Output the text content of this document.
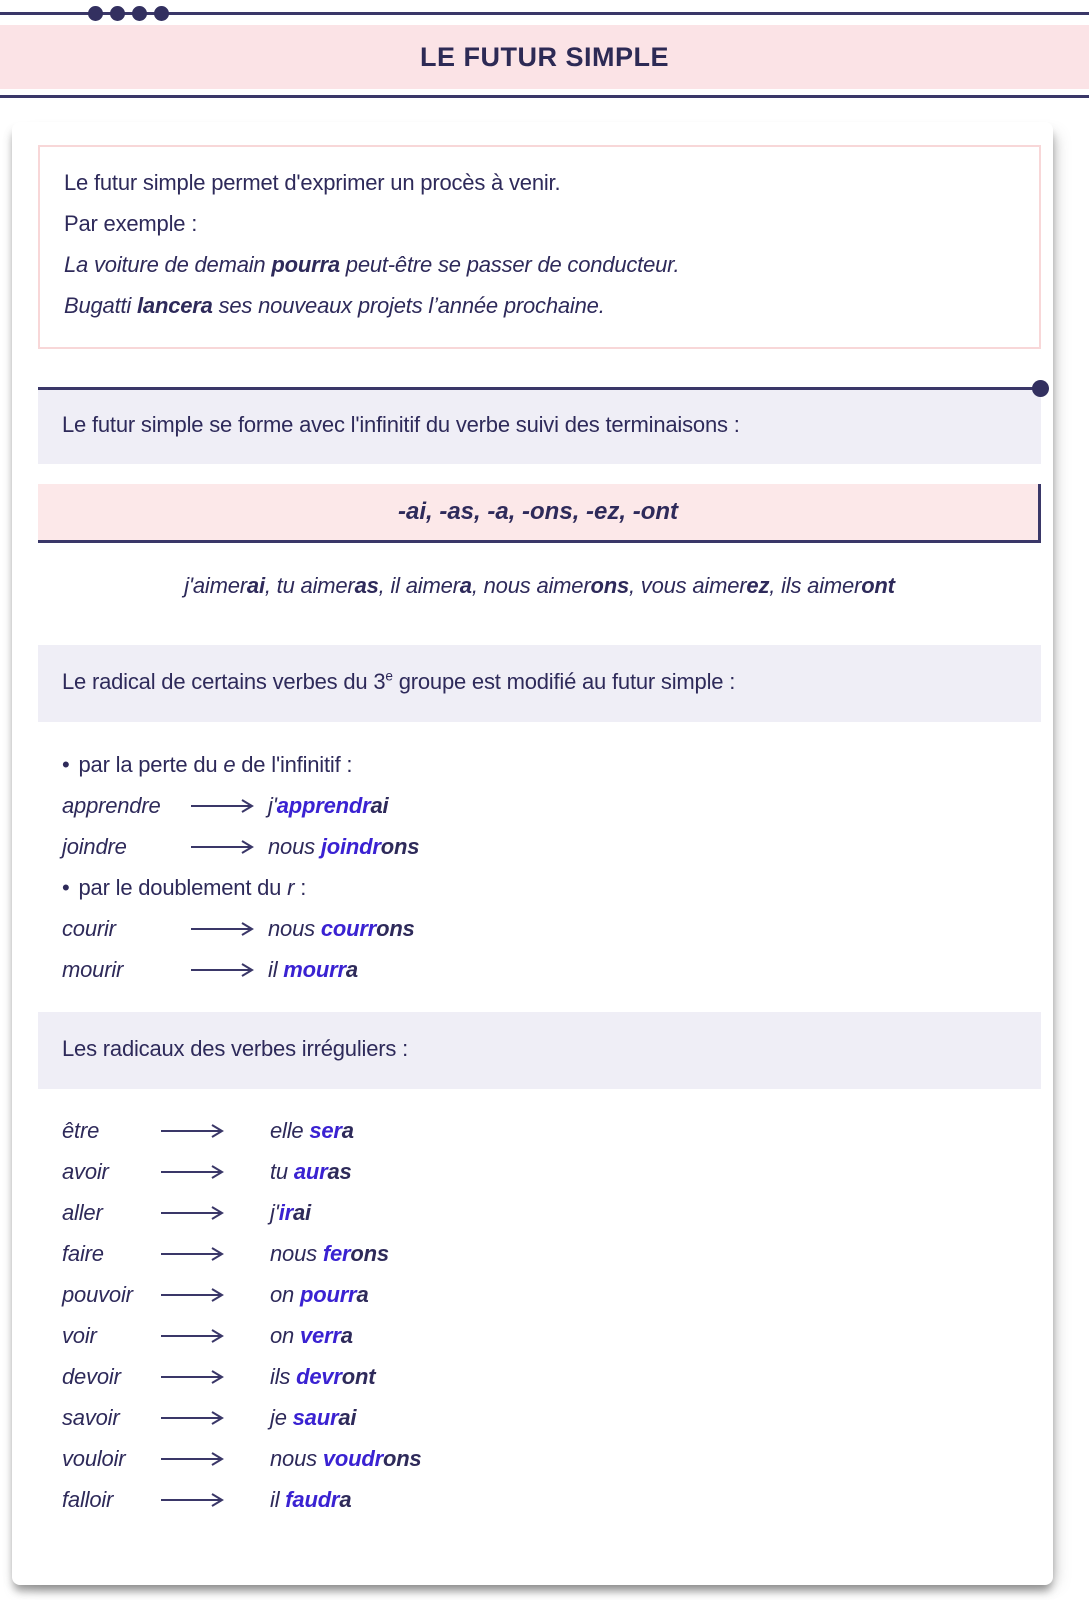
LE FUTUR SIMPLE

Le futur simple permet d'exprimer un procès à venir.

Par exemple :

La voiture de demain pourra peut-être se passer de conducteur.

Bugatti lancera ses nouveaux projets l’année prochaine.

Le futur simple se forme avec l'infinitif du verbe suivi des terminaisons :

-ai, -as, -a, -ons, -ez, -ont

j'aimerai, tu aimeras, il aimera, nous aimerons, vous aimerez, ils aimeront

Le radical de certains verbes du 3e groupe est modifié au futur simple :

• par la perte du e de l'infinitif :
apprendre	j'apprendrai
joindre	nous joindrons
• par le doublement du r :
courir	nous courrons
mourir	il mourra

Les radicaux des verbes irréguliers :

être	elle sera
avoir	tu auras
aller	j'irai
faire	nous ferons
pouvoir	on pourra
voir	on verra
devoir	ils devront
savoir	je saurai
vouloir	nous voudrons
falloir	il faudra
